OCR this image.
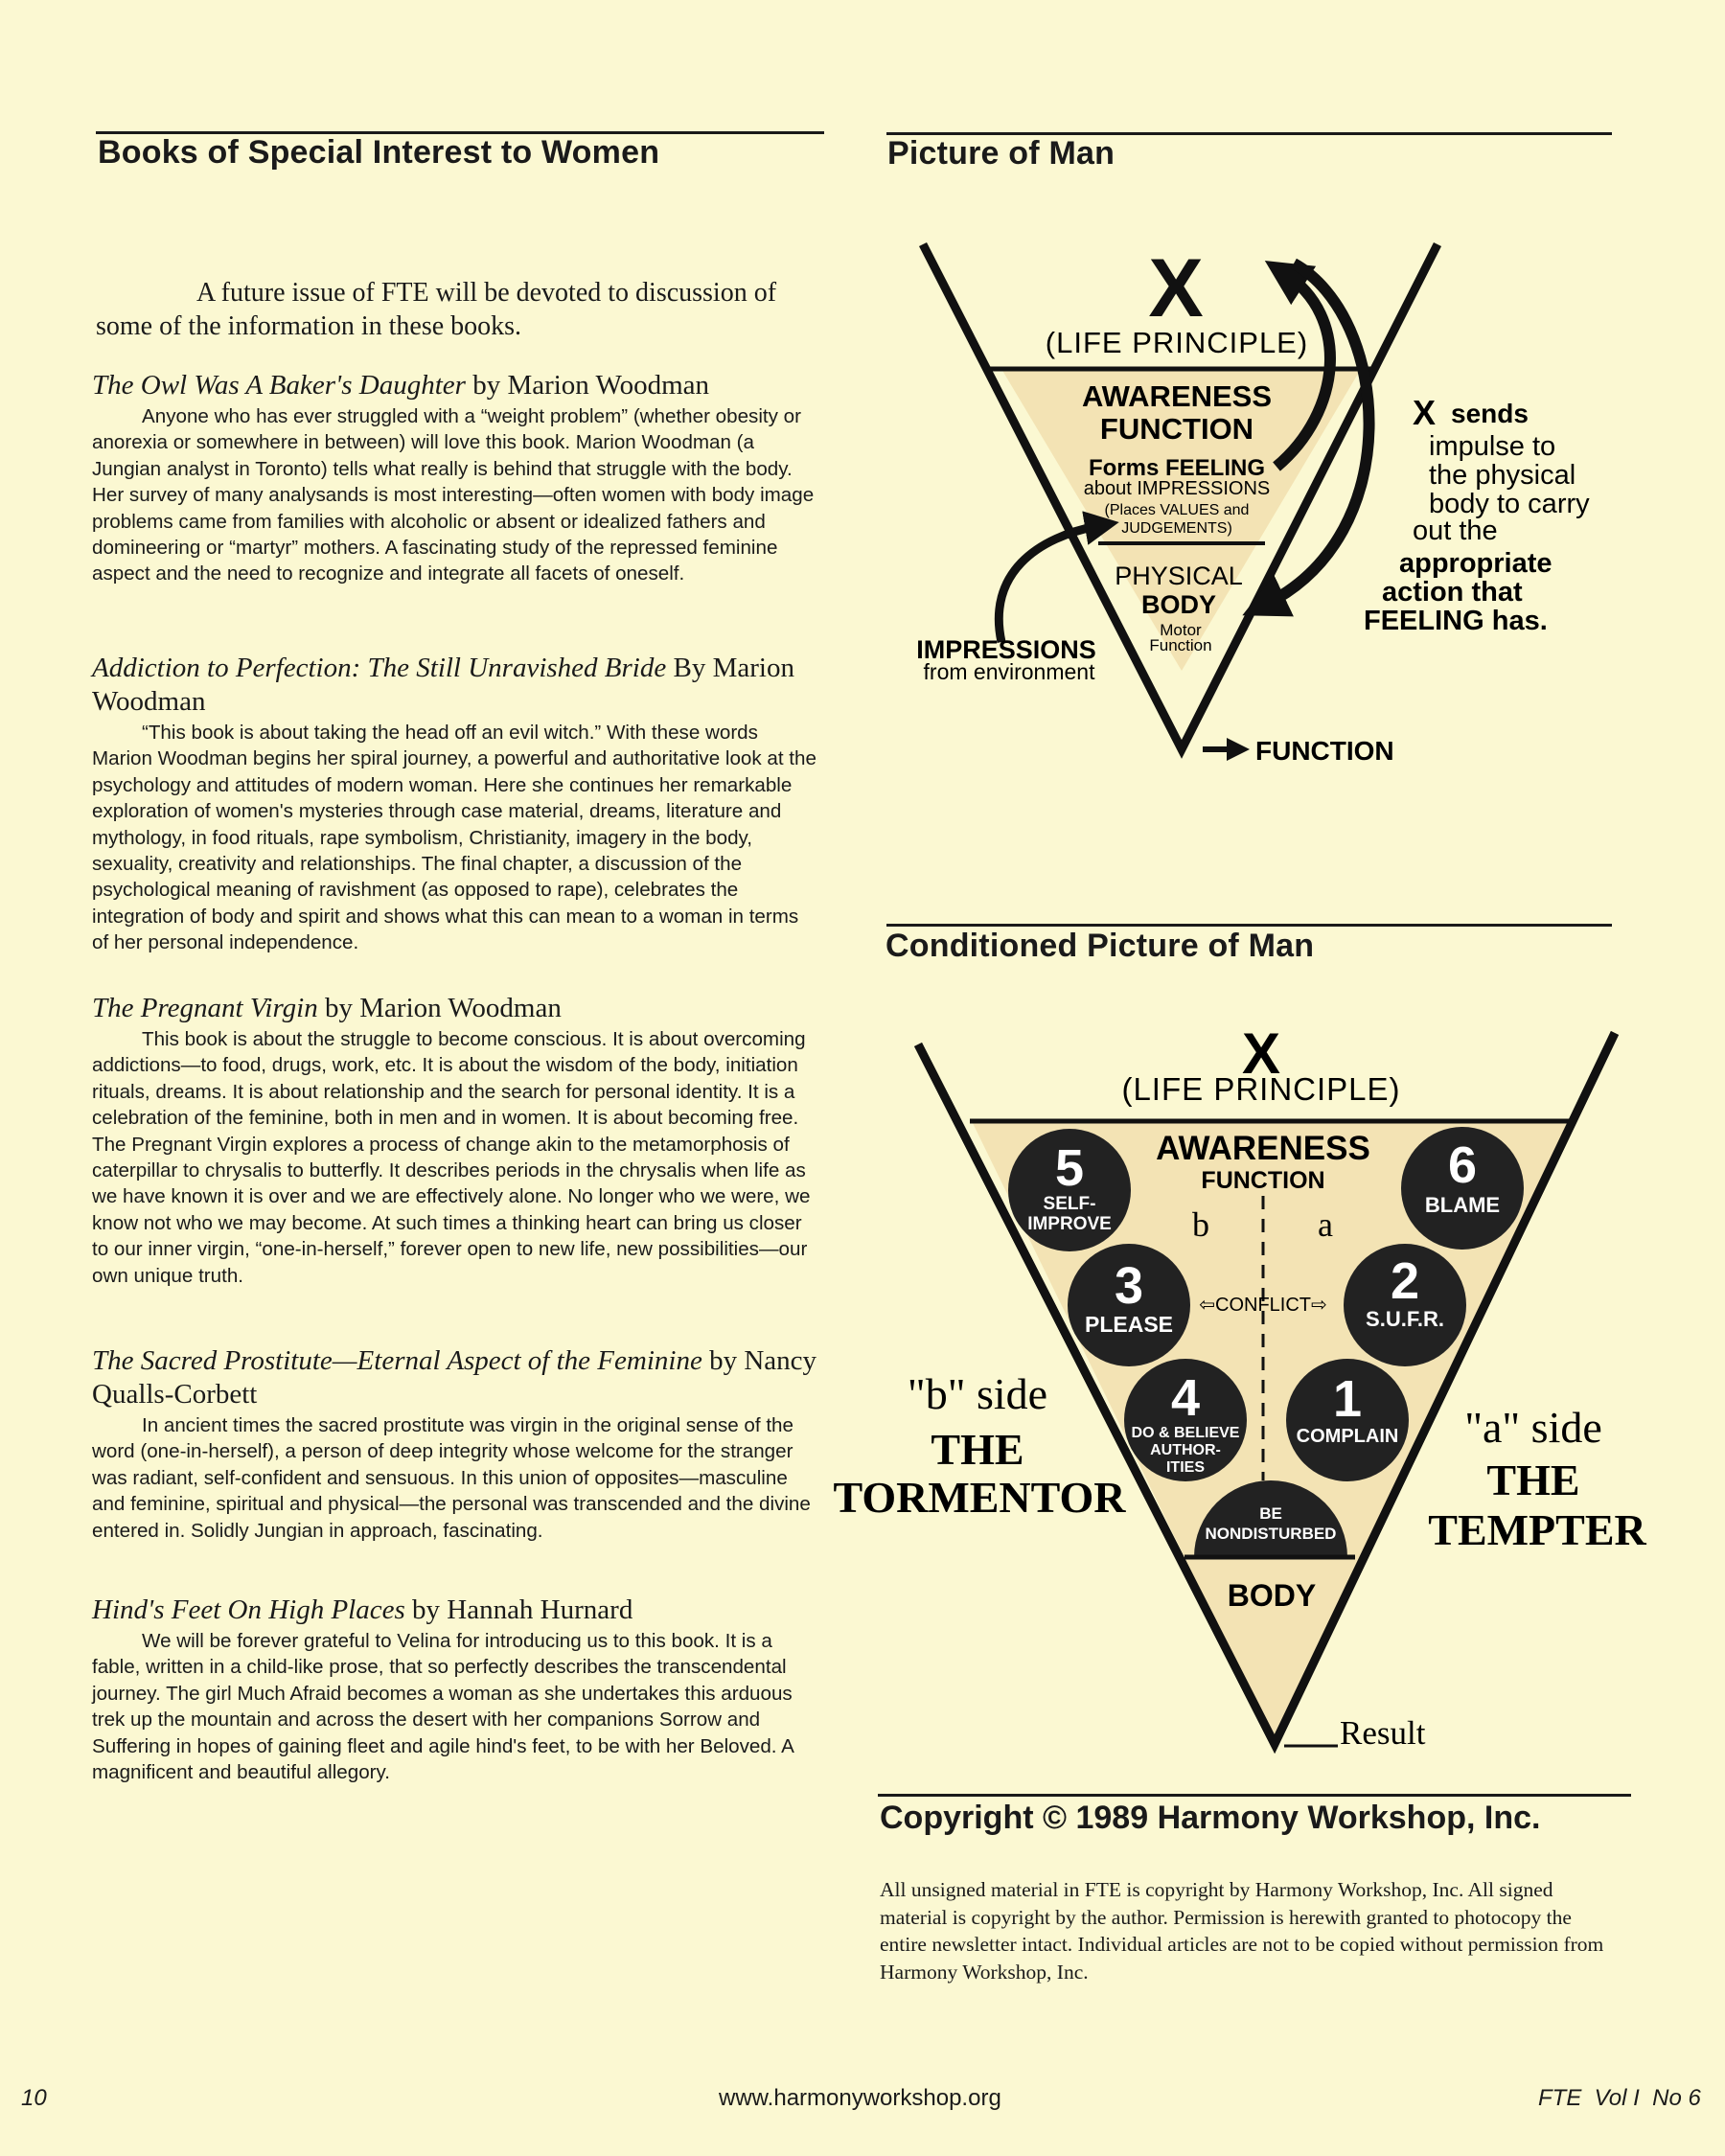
Books of Special Interest to Women
A future issue of FTE will be devoted to discussion of some of the information in these books.
The Owl Was A Baker's Daughter by Marion Woodman
Anyone who has ever struggled with a “weight problem” (whether obesity or anorexia or somewhere in between) will love this book. Marion Woodman (a Jungian analyst in Toronto) tells what really is behind that struggle with the body. Her survey of many analysands is most interesting—often women with body image problems came from families with alcoholic or absent or idealized fathers and domineering or “martyr” mothers. A fascinating study of the repressed feminine aspect and the need to recognize and integrate all facets of oneself.
Addiction to Perfection: The Still Unravished Bride By Marion Woodman
“This book is about taking the head off an evil witch.” With these words Marion Woodman begins her spiral journey, a powerful and authoritative look at the psychology and attitudes of modern woman. Here she continues her remarkable exploration of women's mysteries through case material, dreams, literature and mythology, in food rituals, rape symbolism, Christianity, imagery in the body, sexuality, creativity and relationships. The final chapter, a discussion of the psychological meaning of ravishment (as opposed to rape), celebrates the integration of body and spirit and shows what this can mean to a woman in terms of her personal independence.
The Pregnant Virgin by Marion Woodman
This book is about the struggle to become conscious. It is about overcoming addictions—to food, drugs, work, etc. It is about the wisdom of the body, initiation rituals, dreams. It is about relationship and the search for personal identity. It is a celebration of the feminine, both in men and in women. It is about becoming free. The Pregnant Virgin explores a process of change akin to the metamorphosis of caterpillar to chrysalis to butterfly. It describes periods in the chrysalis when life as we have known it is over and we are effectively alone. No longer who we were, we know not who we may become. At such times a thinking heart can bring us closer to our inner virgin, “one-in-herself,” forever open to new life, new possibilities—our own unique truth.
The Sacred Prostitute—Eternal Aspect of the Feminine by Nancy Qualls-Corbett
In ancient times the sacred prostitute was virgin in the original sense of the word (one-in-herself), a person of deep integrity whose welcome for the stranger was radiant, self-confident and sensuous. In this union of opposites—masculine and feminine, spiritual and physical—the personal was transcended and the divine entered in. Solidly Jungian in approach, fascinating.
Hind's Feet On High Places by Hannah Hurnard
We will be forever grateful to Velina for introducing us to this book. It is a fable, written in a child-like prose, that so perfectly describes the transcendental journey. The girl Much Afraid becomes a woman as she undertakes this arduous trek up the mountain and across the desert with her companions Sorrow and Suffering in hopes of gaining fleet and agile hind's feet, to be with her Beloved. A magnificent and beautiful allegory.
Picture of Man
X
(LIFE PRINCIPLE)
AWARENESS
FUNCTION
Forms FEELING
about IMPRESSIONS
(Places VALUES and
JUDGEMENTS)
PHYSICAL
BODY
Motor
Function
IMPRESSIONS
from environment
FUNCTION
X sends
impulse to
the physical
body to carry
out the
appropriate
action that
FEELING has.
Conditioned Picture of Man
X
(LIFE PRINCIPLE)
AWARENESS
FUNCTION
b	a
⇦CONFLICT⇨
5
SELF-
IMPROVE
6
BLAME
3
PLEASE
2
S.U.F.R.
4
DO & BELIEVE
AUTHOR-
ITIES
1
COMPLAIN
BE
NONDISTURBED
BODY
Result
"b" side
THE
TORMENTOR
"a" side
THE
TEMPTER
Copyright © 1989 Harmony Workshop, Inc.
All unsigned material in FTE is copyright by Harmony Workshop, Inc. All signed material is copyright by the author. Permission is herewith granted to photocopy the entire newsletter intact. Individual articles are not to be copied without permission from Harmony Workshop, Inc.
10	www.harmonyworkshop.org	FTE  Vol I  No 6
